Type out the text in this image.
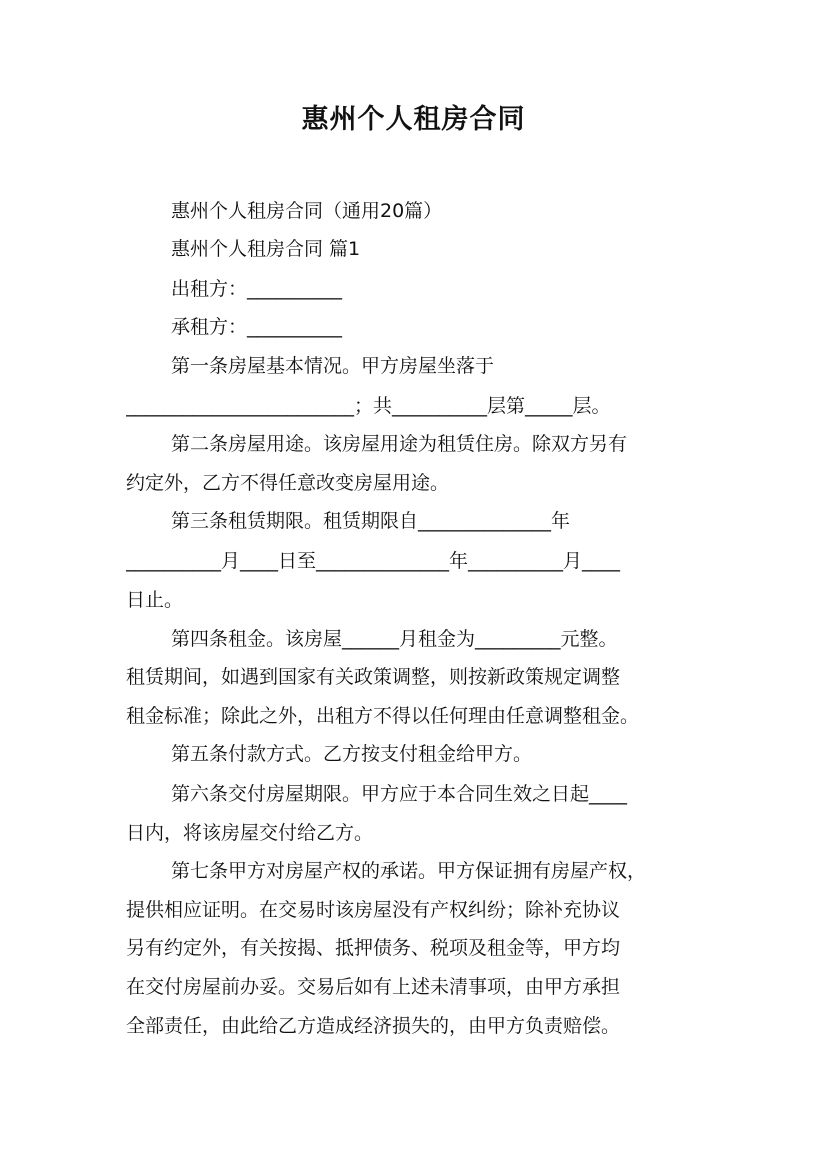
惠州个人租房合同
惠州个人租房合同（通用20篇）
惠州个人租房合同 篇1
出租方：__________
承租方：__________
第一条房屋基本情况。甲方房屋坐落于
________________________；共__________层第_____层。
第二条房屋用途。该房屋用途为租赁住房。除双方另有
约定外，乙方不得任意改变房屋用途。
第三条租赁期限。租赁期限自______________年
__________月____日至______________年__________月____
日止。
第四条租金。该房屋______月租金为_________元整。
租赁期间，如遇到国家有关政策调整，则按新政策规定调整
租金标准；除此之外，出租方不得以任何理由任意调整租金。
第五条付款方式。乙方按支付租金给甲方。
第六条交付房屋期限。甲方应于本合同生效之日起____
日内，将该房屋交付给乙方。
第七条甲方对房屋产权的承诺。甲方保证拥有房屋产权，
提供相应证明。在交易时该房屋没有产权纠纷；除补充协议
另有约定外，有关按揭、抵押债务、税项及租金等，甲方均
在交付房屋前办妥。交易后如有上述未清事项，由甲方承担
全部责任，由此给乙方造成经济损失的，由甲方负责赔偿。
